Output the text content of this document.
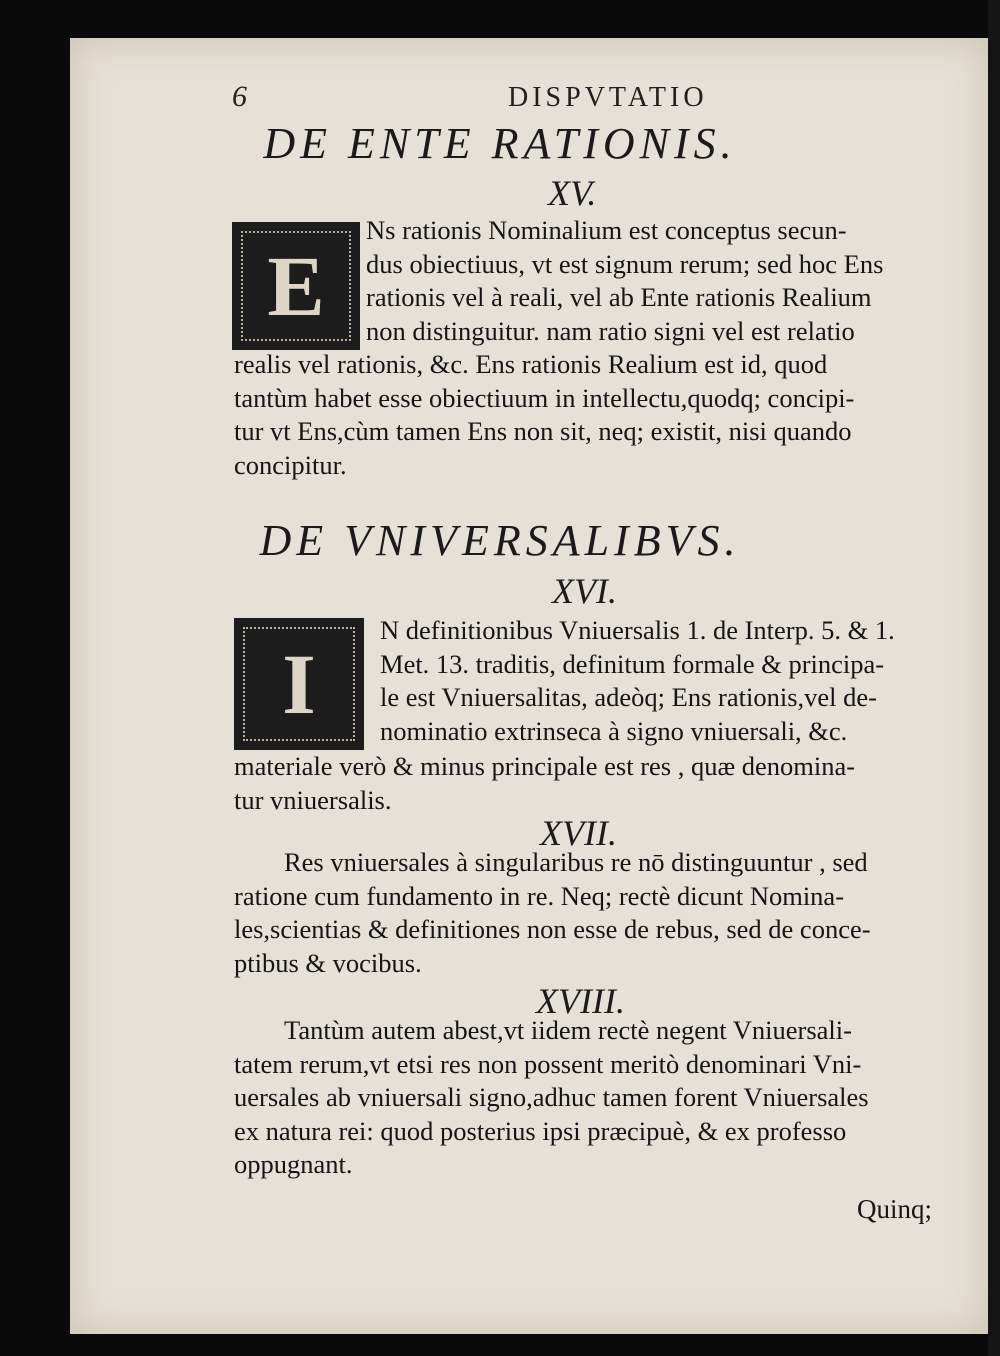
6	DISPVTATIO
DE ENTE RATIONIS.
XV.
E
Ns rationis Nominalium est conceptus secun-
dus obiectiuus, vt est signum rerum; sed hoc Ens
rationis vel à reali, vel ab Ente rationis Realium
non distinguitur. nam ratio signi vel est relatio
realis vel rationis, &c. Ens rationis Realium est id, quod
tantùm habet esse obiectiuum in intellectu,quodq; concipi-
tur vt Ens,cùm tamen Ens non sit, neq; existit, nisi quando
concipitur.
DE VNIVERSALIBVS.
XVI.
I
N definitionibus Vniuersalis 1. de Interp. 5. & 1.
Met. 13. traditis, definitum formale & principa-
le est Vniuersalitas, adeòq; Ens rationis,vel de-
nominatio extrinseca à signo vniuersali, &c.
materiale verò & minus principale est res , quæ denomina-
tur vniuersalis.
XVII.
Res vniuersales à singularibus re nō distinguuntur , sed
ratione cum fundamento in re. Neq; rectè dicunt Nomina-
les,scientias & definitiones non esse de rebus, sed de conce-
ptibus & vocibus.
XVIII.
Tantùm autem abest,vt iidem rectè negent Vniuersali-
tatem rerum,vt etsi res non possent meritò denominari Vni-
uersales ab vniuersali signo,adhuc tamen forent Vniuersales
ex natura rei: quod posterius ipsi præcipuè, & ex professo
oppugnant.
Quinq;
